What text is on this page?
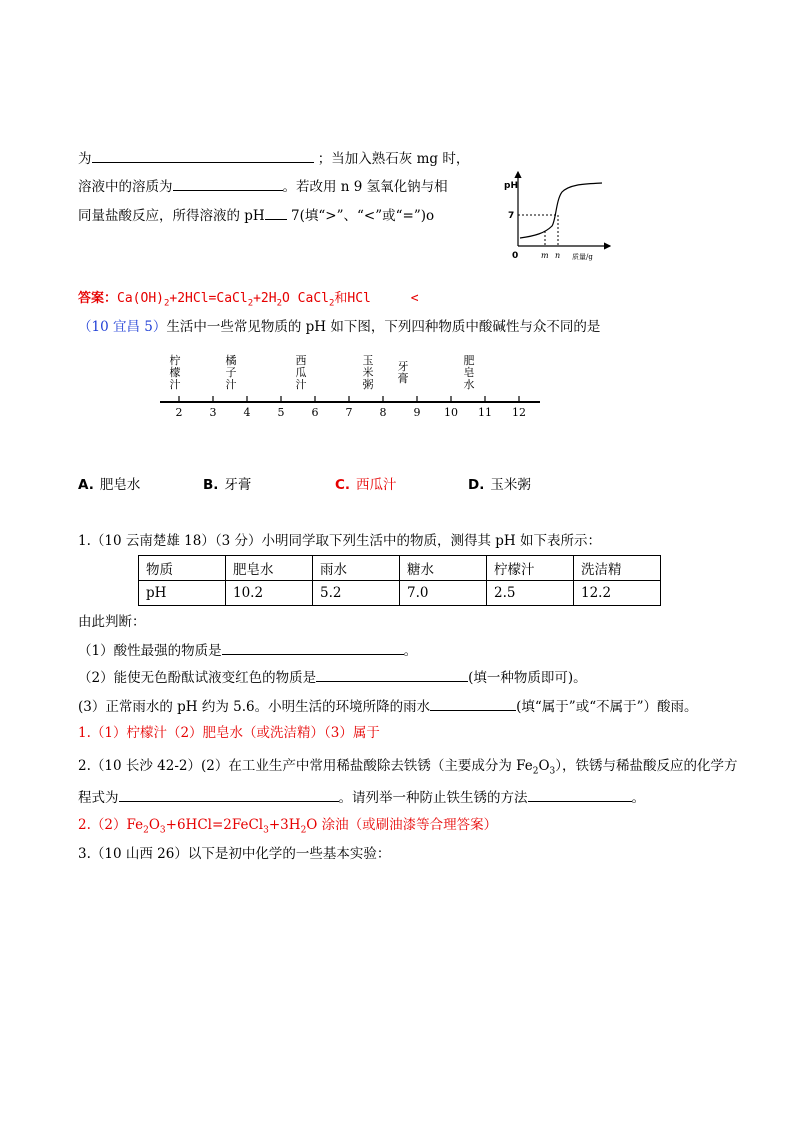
为	；当加入熟石灰 mg 时，
溶液中的溶质为	。若改用 n 9 氢氧化钠与相
同量盐酸反应，所得溶液的 pH 7(填“>”、“<”或“=”)o
pH
7
0	m n 质量/g
答案：$Ca(OH)_2+2HCl=CaCl_2+2H_2O$ CaCl$_2$和HCl	<
（10 宜昌 5）生活中一些常见物质的 pH 如下图，下列四种物质中酸碱性与众不同的是
2 3 4 5 6 7 8 9 10 11 12
柠檬汁
橘子汁
西瓜汁
玉米粥
牙膏
肥皂水
A. 肥皂水	B. 牙膏	C. 西瓜汁	D. 玉米粥
1.（10 云南楚雄 18）（3 分）小明同学取下列生活中的物质，测得其 pH 如下表所示：
物质	肥皂水	雨水	糖水	柠檬汁	洗洁精
pH	10.2	5.2	7.0	2.5	12.2
由此判断：
（1）酸性最强的物质是	。
（2）能使无色酚酞试液变红色的物质是	(填一种物质即可)。
(3）正常雨水的 pH 约为 5.6。小明生活的环境所降的雨水	(填“属于”或“不属于”）酸雨。
1.（1）柠檬汁（2）肥皂水（或洗洁精）（3）属于
2.（10 长沙 42-2）(2）在工业生产中常用稀盐酸除去铁锈（主要成分为 $Fe_2O_3$），铁锈与稀盐酸反应的化学方
程式为	。请列举一种防止铁生锈的方法	。
$2.(2)Fe_2O_3+6HCl=2FeCl_3+3H_2O$ 涂油（或刷油漆等合理答案）
3.（10 山西 26）以下是初中化学的一些基本实验：
